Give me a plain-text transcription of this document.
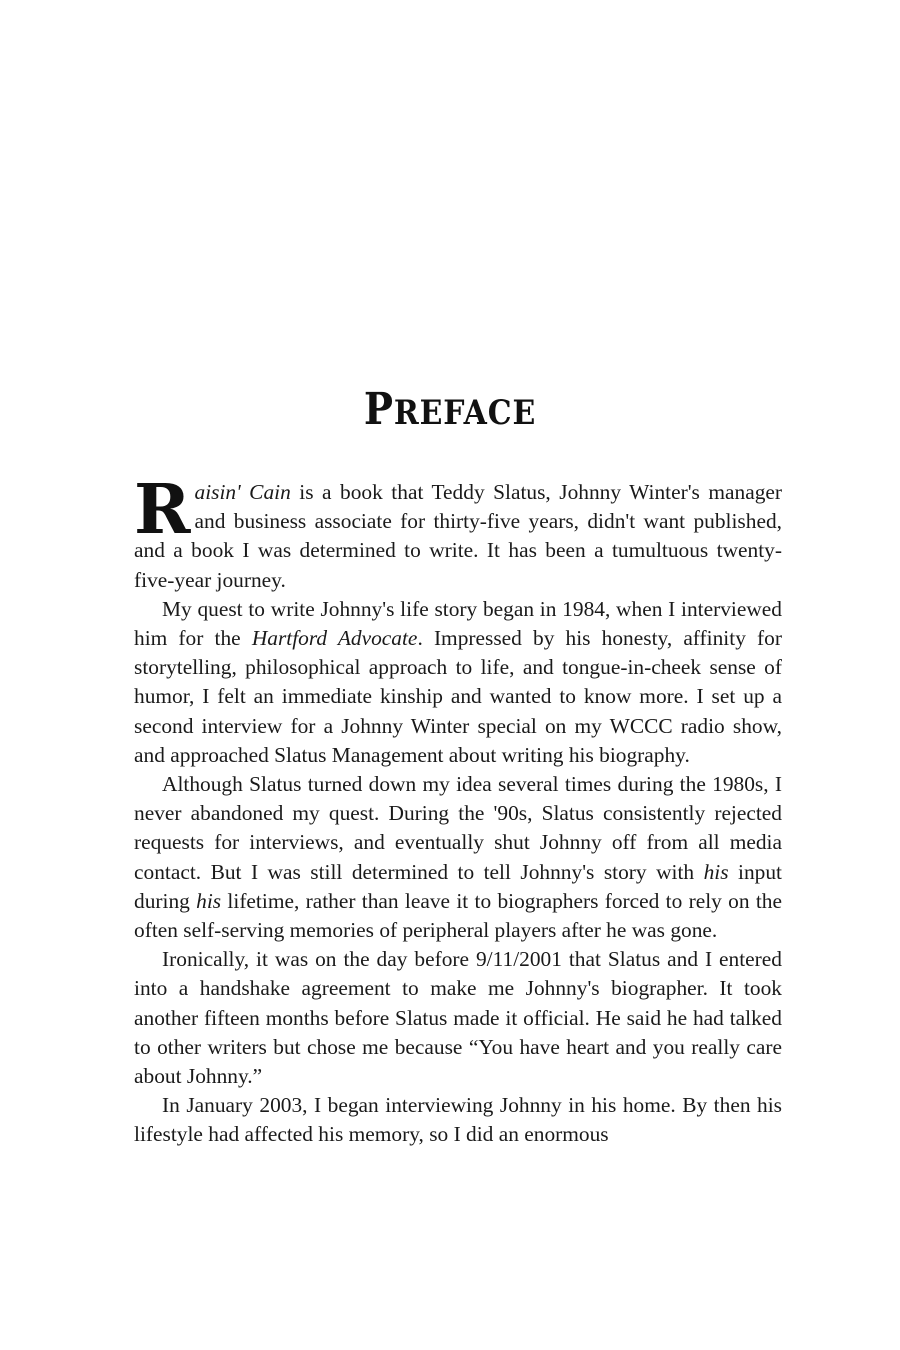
PREFACE

Raisin' Cain is a book that Teddy Slatus, Johnny Winter's manager and business associate for thirty-five years, didn't want published, and a book I was determined to write. It has been a tumultuous twenty-five-year journey.

My quest to write Johnny's life story began in 1984, when I interviewed him for the Hartford Advocate. Impressed by his honesty, affinity for storytelling, philosophical approach to life, and tongue-in-cheek sense of humor, I felt an immediate kinship and wanted to know more. I set up a second interview for a Johnny Winter special on my WCCC radio show, and approached Slatus Management about writing his biography.

Although Slatus turned down my idea several times during the 1980s, I never abandoned my quest. During the '90s, Slatus consistently rejected requests for interviews, and eventually shut Johnny off from all media contact. But I was still determined to tell Johnny's story with his input during his lifetime, rather than leave it to biographers forced to rely on the often self-serving memories of peripheral players after he was gone.

Ironically, it was on the day before 9/11/2001 that Slatus and I entered into a handshake agreement to make me Johnny's biographer. It took another fifteen months before Slatus made it official. He said he had talked to other writers but chose me because “You have heart and you really care about Johnny.”

In January 2003, I began interviewing Johnny in his home. By then his lifestyle had affected his memory, so I did an enormous
